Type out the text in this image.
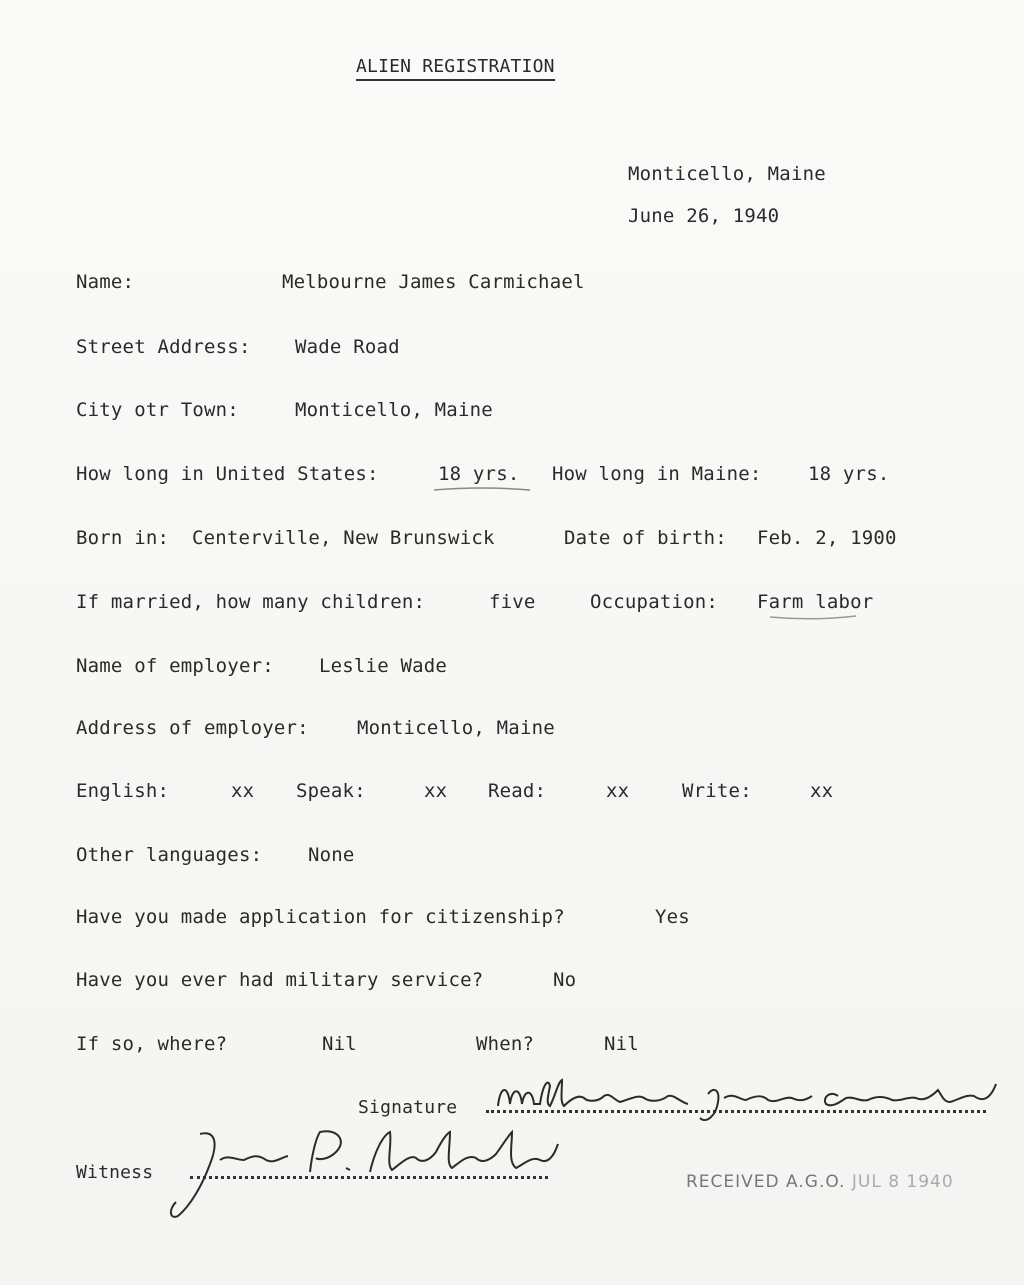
ALIEN REGISTRATION
Monticello, Maine
June 26, 1940
Name:	Melbourne James Carmichael
Street Address: Wade Road
City otr Town:	Monticello, Maine
How long in United States:	18 yrs. How long in Maine: 18 yrs.
Born in: Centerville, New Brunswick	Date of birth: Feb. 2, 1900
If married, how many children:	five	Occupation: Farm labor
Name of employer: Leslie Wade
Address of employer:	Monticello, Maine
English:	xx Speak:	xx Read:	xx	Write:	xx
Other languages: None
Have you made application for citizenship?	Yes
Have you ever had military service?	No
If so, where?	Nil	When?	Nil
Signature
Witness	RECEIVED A.G.O. JUL 8 1940
